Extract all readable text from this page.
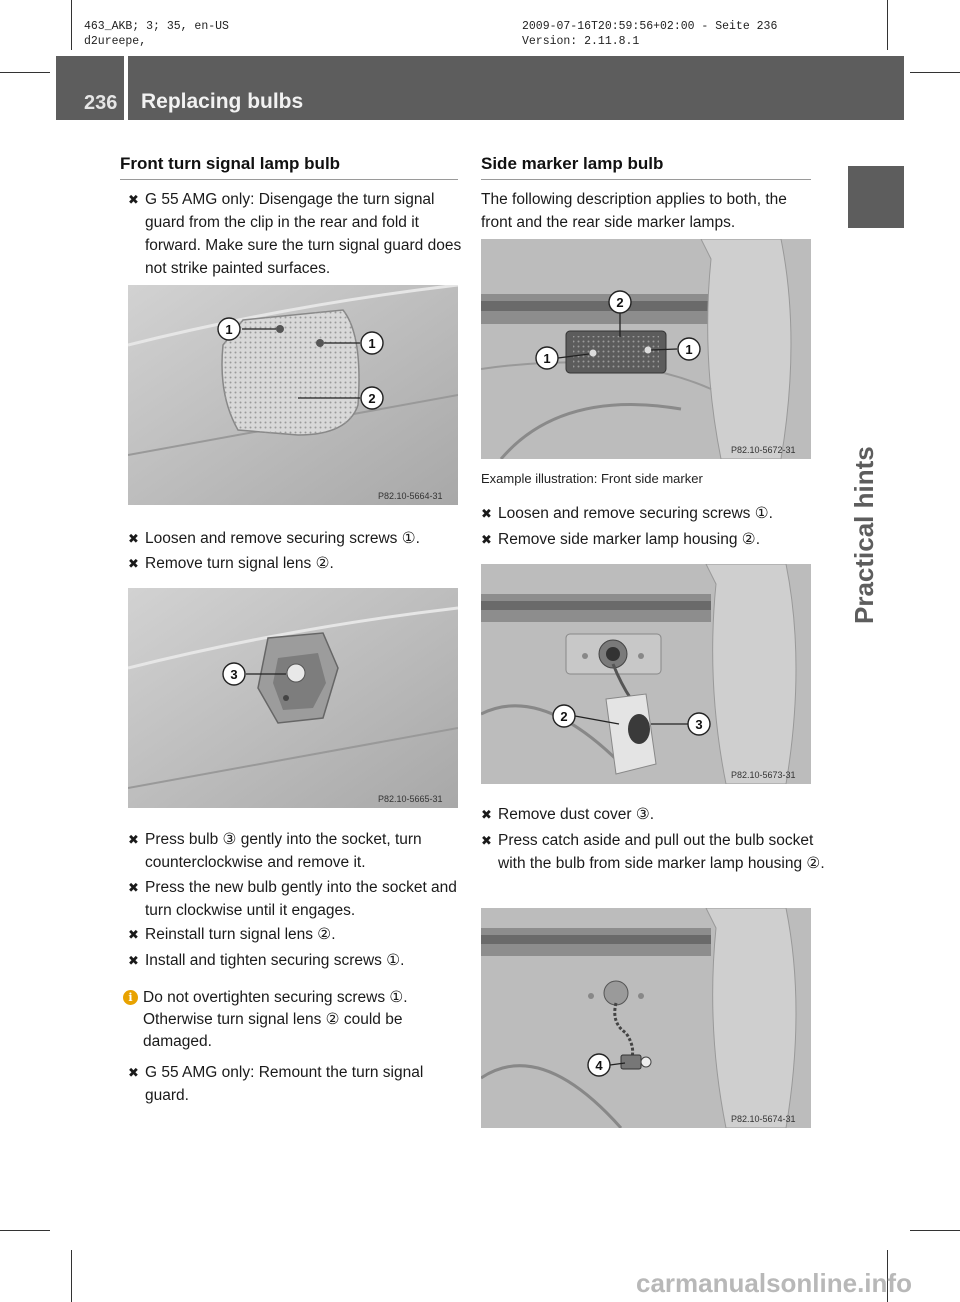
463_AKB; 3; 35, en-US
d2ureepe,
2009-07-16T20:59:56+02:00 - Seite 236
Version: 2.11.8.1
236 Replacing bulbs
Practical hints
Front turn signal lamp bulb
✖ G 55 AMG only: Disengage the turn signal guard from the clip in the rear and fold it forward. Make sure the turn signal guard does not strike painted surfaces.
1
1
2
P82.10-5664-31
✖ Loosen and remove securing screws ①.
✖ Remove turn signal lens ②.
3
P82.10-5665-31
✖ Press bulb ③ gently into the socket, turn counterclockwise and remove it.
✖ Press the new bulb gently into the socket and turn clockwise until it engages.
✖ Reinstall turn signal lens ②.
✖ Install and tighten securing screws ①.
i Do not overtighten securing screws ①. Otherwise turn signal lens ② could be damaged.
✖ G 55 AMG only: Remount the turn signal guard.
Side marker lamp bulb
The following description applies to both, the front and the rear side marker lamps.
2
1
1
P82.10-5672-31
Example illustration: Front side marker
✖ Loosen and remove securing screws ①.
✖ Remove side marker lamp housing ②.
2
3
P82.10-5673-31
✖ Remove dust cover ③.
✖ Press catch aside and pull out the bulb socket with the bulb from side marker lamp housing ②.
4
P82.10-5674-31
carmanualsonline.info
